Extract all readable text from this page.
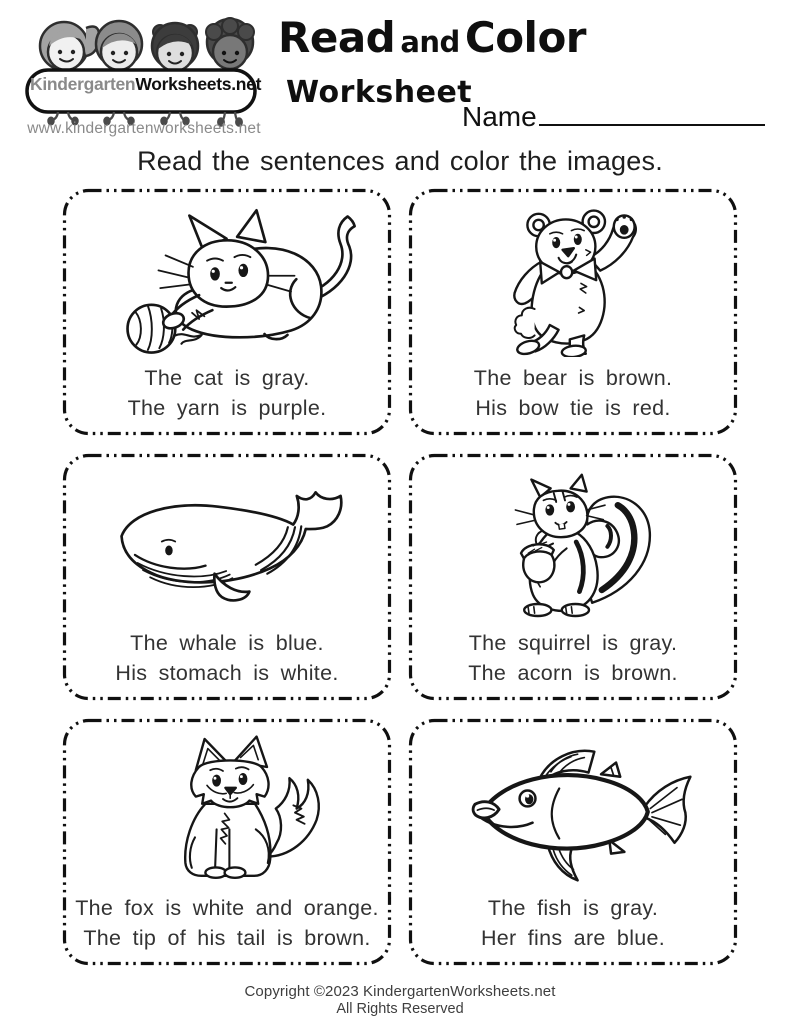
KindergartenWorksheets.net
www.kindergartenworksheets.net
Read and Color
Worksheet
Name
Read the sentences and color the images.

The cat is gray.
The yarn is purple.

The bear is brown.
His bow tie is red.

The whale is blue.
His stomach is white.

The squirrel is gray.
The acorn is brown.

The fox is white and orange.
The tip of his tail is brown.

The fish is gray.
Her fins are blue.

Copyright ©2023 KindergartenWorksheets.net
All Rights Reserved
